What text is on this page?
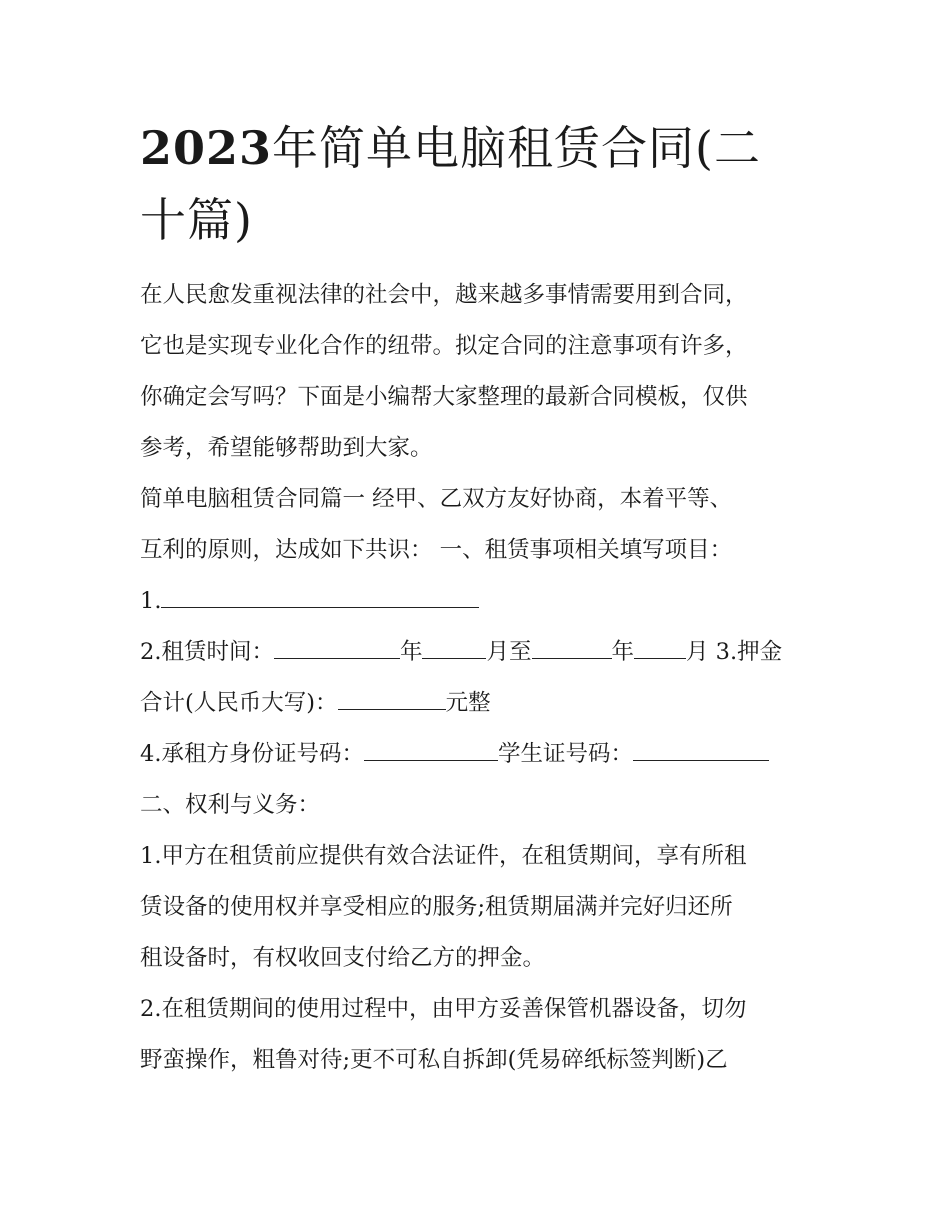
2023年简单电脑租赁合同(二
十篇)
在人民愈发重视法律的社会中，越来越多事情需要用到合同，
它也是实现专业化合作的纽带。拟定合同的注意事项有许多，
你确定会写吗？下面是小编帮大家整理的最新合同模板，仅供
参考，希望能够帮助到大家。
简单电脑租赁合同篇一 经甲、乙双方友好协商，本着平等、
互利的原则，达成如下共识： 一、租赁事项相关填写项目：
1.
2.租赁时间：	年	月至	年 月 3.押金
合计(人民币大写)：	元整
4.承租方身份证号码：	学生证号码：
二、权利与义务：
1.甲方在租赁前应提供有效合法证件，在租赁期间，享有所租
赁设备的使用权并享受相应的服务;租赁期届满并完好归还所
租设备时，有权收回支付给乙方的押金。
2.在租赁期间的使用过程中，由甲方妥善保管机器设备，切勿
野蛮操作，粗鲁对待;更不可私自拆卸(凭易碎纸标签判断)乙
